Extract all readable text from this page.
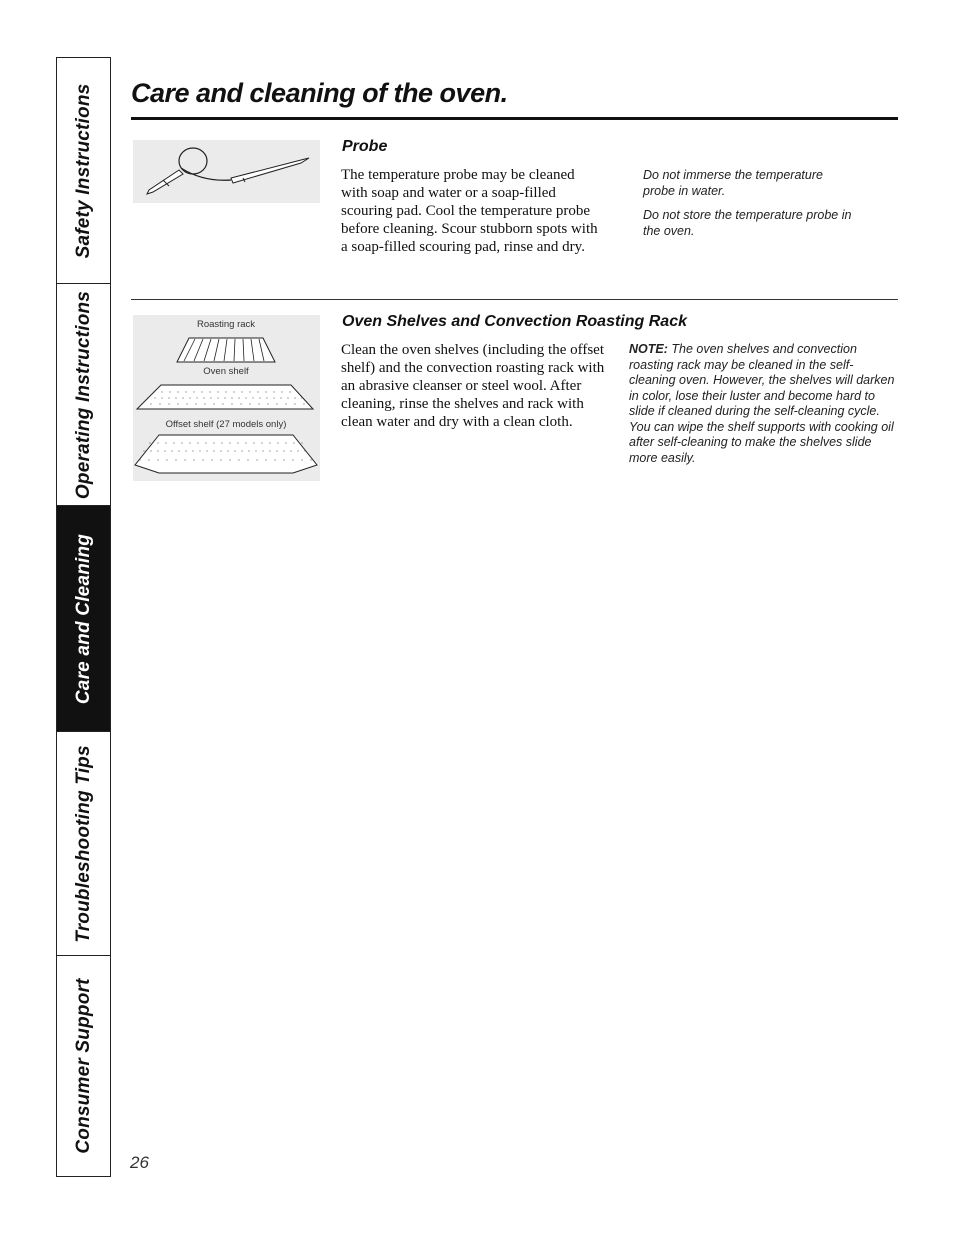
Safety Instructions
Operating Instructions
Care and Cleaning
Troubleshooting Tips
Consumer Support
Care and cleaning of the oven.
Probe

The temperature probe may be cleaned with soap and water or a soap-filled scouring pad. Cool the temperature probe before cleaning. Scour stubborn spots with a soap-filled scouring pad, rinse and dry.

Do not immerse the temperature probe in water.

Do not store the temperature probe in the oven.

Roasting rack
Oven shelf
Offset shelf (27 models only)
Oven Shelves and Convection Roasting Rack

Clean the oven shelves (including the offset shelf) and the convection roasting rack with an abrasive cleanser or steel wool. After cleaning, rinse the shelves and rack with clean water and dry with a clean cloth.

NOTE: The oven shelves and convection roasting rack may be cleaned in the self-cleaning oven. However, the shelves will darken in color, lose their luster and become hard to slide if cleaned during the self-cleaning cycle. You can wipe the shelf supports with cooking oil after self-cleaning to make the shelves slide more easily.

26
